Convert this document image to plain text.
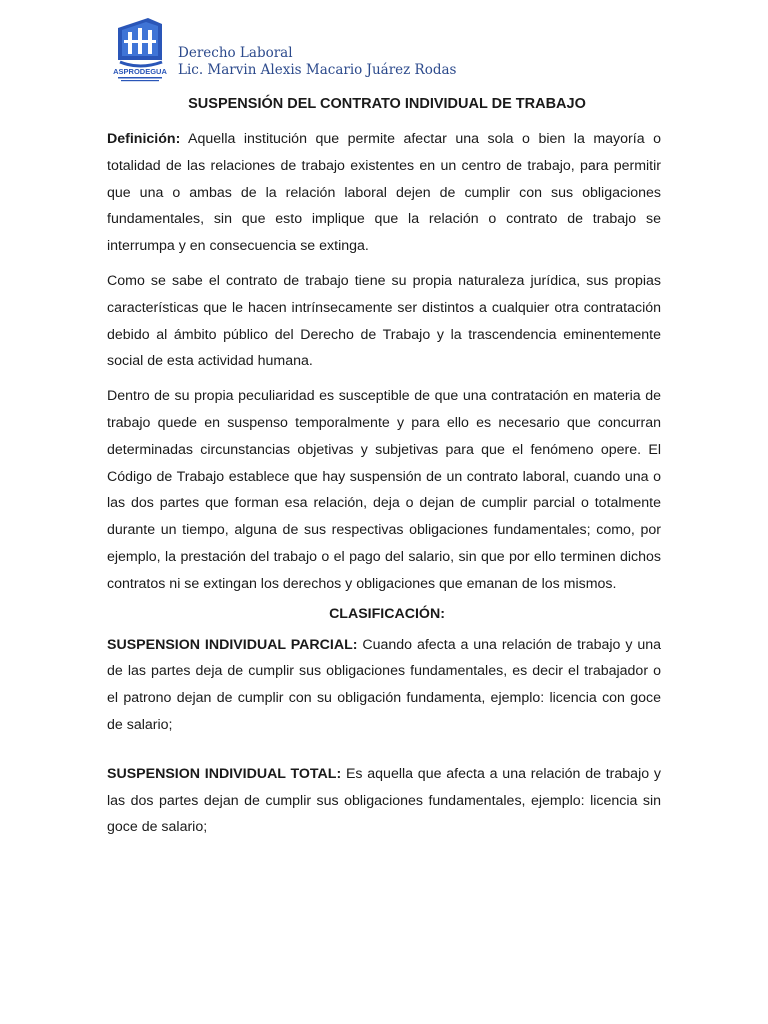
ASPRODEGUA
Derecho Laboral
Lic. Marvin Alexis Macario Juárez Rodas
SUSPENSIÓN DEL CONTRATO INDIVIDUAL DE TRABAJO

Definición: Aquella institución que permite afectar una sola o bien la mayoría o totalidad de las relaciones de trabajo existentes en un centro de trabajo, para permitir que una o ambas de la relación laboral dejen de cumplir con sus obligaciones fundamentales, sin que esto implique que la relación o contrato de trabajo se interrumpa y en consecuencia se extinga.

Como se sabe el contrato de trabajo tiene su propia naturaleza jurídica, sus propias características que le hacen intrínsecamente ser distintos a cualquier otra contratación debido al ámbito público del Derecho de Trabajo y la trascendencia eminentemente social de esta actividad humana.

Dentro de su propia peculiaridad es susceptible de que una contratación en materia de trabajo quede en suspenso temporalmente y para ello es necesario que concurran determinadas circunstancias objetivas y subjetivas para que el fenómeno opere. El Código de Trabajo establece que hay suspensión de un contrato laboral, cuando una o las dos partes que forman esa relación, deja o dejan de cumplir parcial o totalmente durante un tiempo, alguna de sus respectivas obligaciones fundamentales; como, por ejemplo, la prestación del trabajo o el pago del salario, sin que por ello terminen dichos contratos ni se extingan los derechos y obligaciones que emanan de los mismos.

CLASIFICACIÓN:

SUSPENSION INDIVIDUAL PARCIAL: Cuando afecta a una relación de trabajo y una de las partes deja de cumplir sus obligaciones fundamentales, es decir el trabajador o el patrono dejan de cumplir con su obligación fundamenta, ejemplo: licencia con goce de salario;

SUSPENSION INDIVIDUAL TOTAL: Es aquella que afecta a una relación de trabajo y las dos partes dejan de cumplir sus obligaciones fundamentales, ejemplo: licencia sin goce de salario;
